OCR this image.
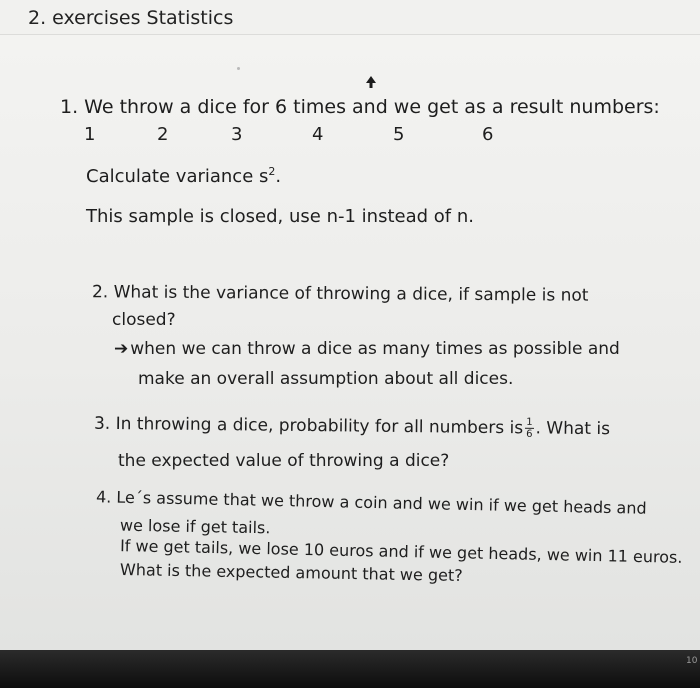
2. exercises Statistics
1. We throw a dice for 6 times and we get as a result numbers:
1	2	3	4	5	6
Calculate variance $s^2$.
This sample is closed, use n-1 instead of n.
2. What is the variance of throwing a dice, if sample is not
closed?
➔ when we can throw a dice as many times as possible and
make an overall assumption about all dices.
3. In throwing a dice, probability for all numbers is $\frac{1}{6}$ . What is
the expected value of throwing a dice?
4. Le´s assume that we throw a coin and we win if we get heads and
we lose if get tails.
If we get tails, we lose 10 euros and if we get heads, we win 11 euros.
What is the expected amount that we get?
10
